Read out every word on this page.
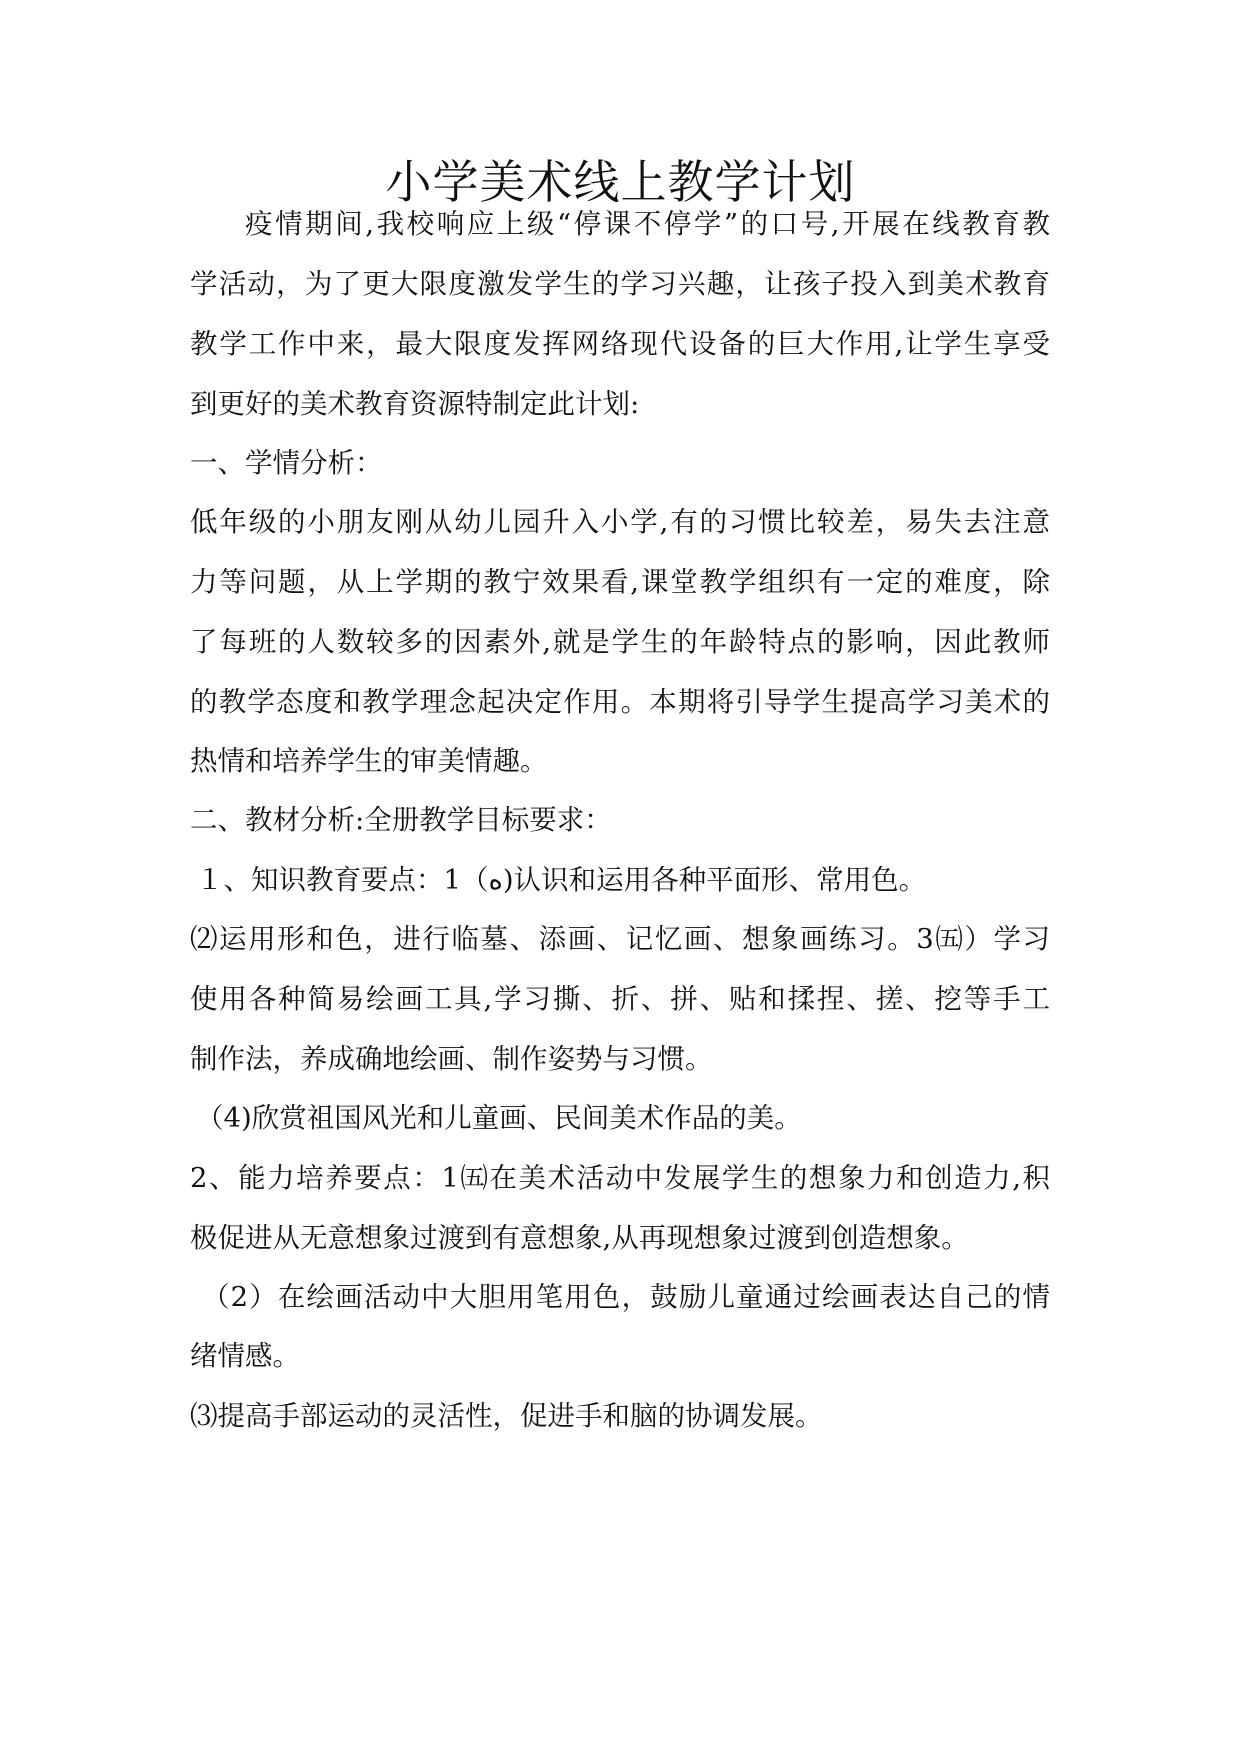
小学美术线上教学计划
疫情期间,我校响应上级“停课不停学”的口号,开展在线教育教
学活动，为了更大限度激发学生的学习兴趣，让孩子投入到美术教育
教学工作中来，最大限度发挥网络现代设备的巨大作用,让学生享受
到更好的美术教育资源特制定此计划:
一、学情分析：
低年级的小朋友刚从幼儿园升入小学,有的习惯比较差，易失去注意
力等问题，从上学期的教宁效果看,课堂教学组织有一定的难度，除
了每班的人数较多的因素外,就是学生的年龄特点的影响，因此教师
的教学态度和教学理念起决定作用。本期将引导学生提高学习美术的
热情和培养学生的审美情趣。
二、教材分析:全册教学目标要求：
１、知识教育要点：1（ه)认识和运用各种平面形、常用色。
⑵运用形和色，进行临墓、添画、记忆画、想象画练习。3㈤）学习
使用各种简易绘画工具,学习撕、折、拼、贴和揉捏、搓、挖等手工
制作法，养成确地绘画、制作姿势与习惯。
（4)欣赏祖国风光和儿童画、民间美术作品的美。
2、能力培养要点：1㈤在美术活动中发展学生的想象力和创造力,积
极促进从无意想象过渡到有意想象,从再现想象过渡到创造想象。
（2）在绘画活动中大胆用笔用色，鼓励儿童通过绘画表达自己的情
绪情感。
⑶提高手部运动的灵活性，促进手和脑的协调发展。
